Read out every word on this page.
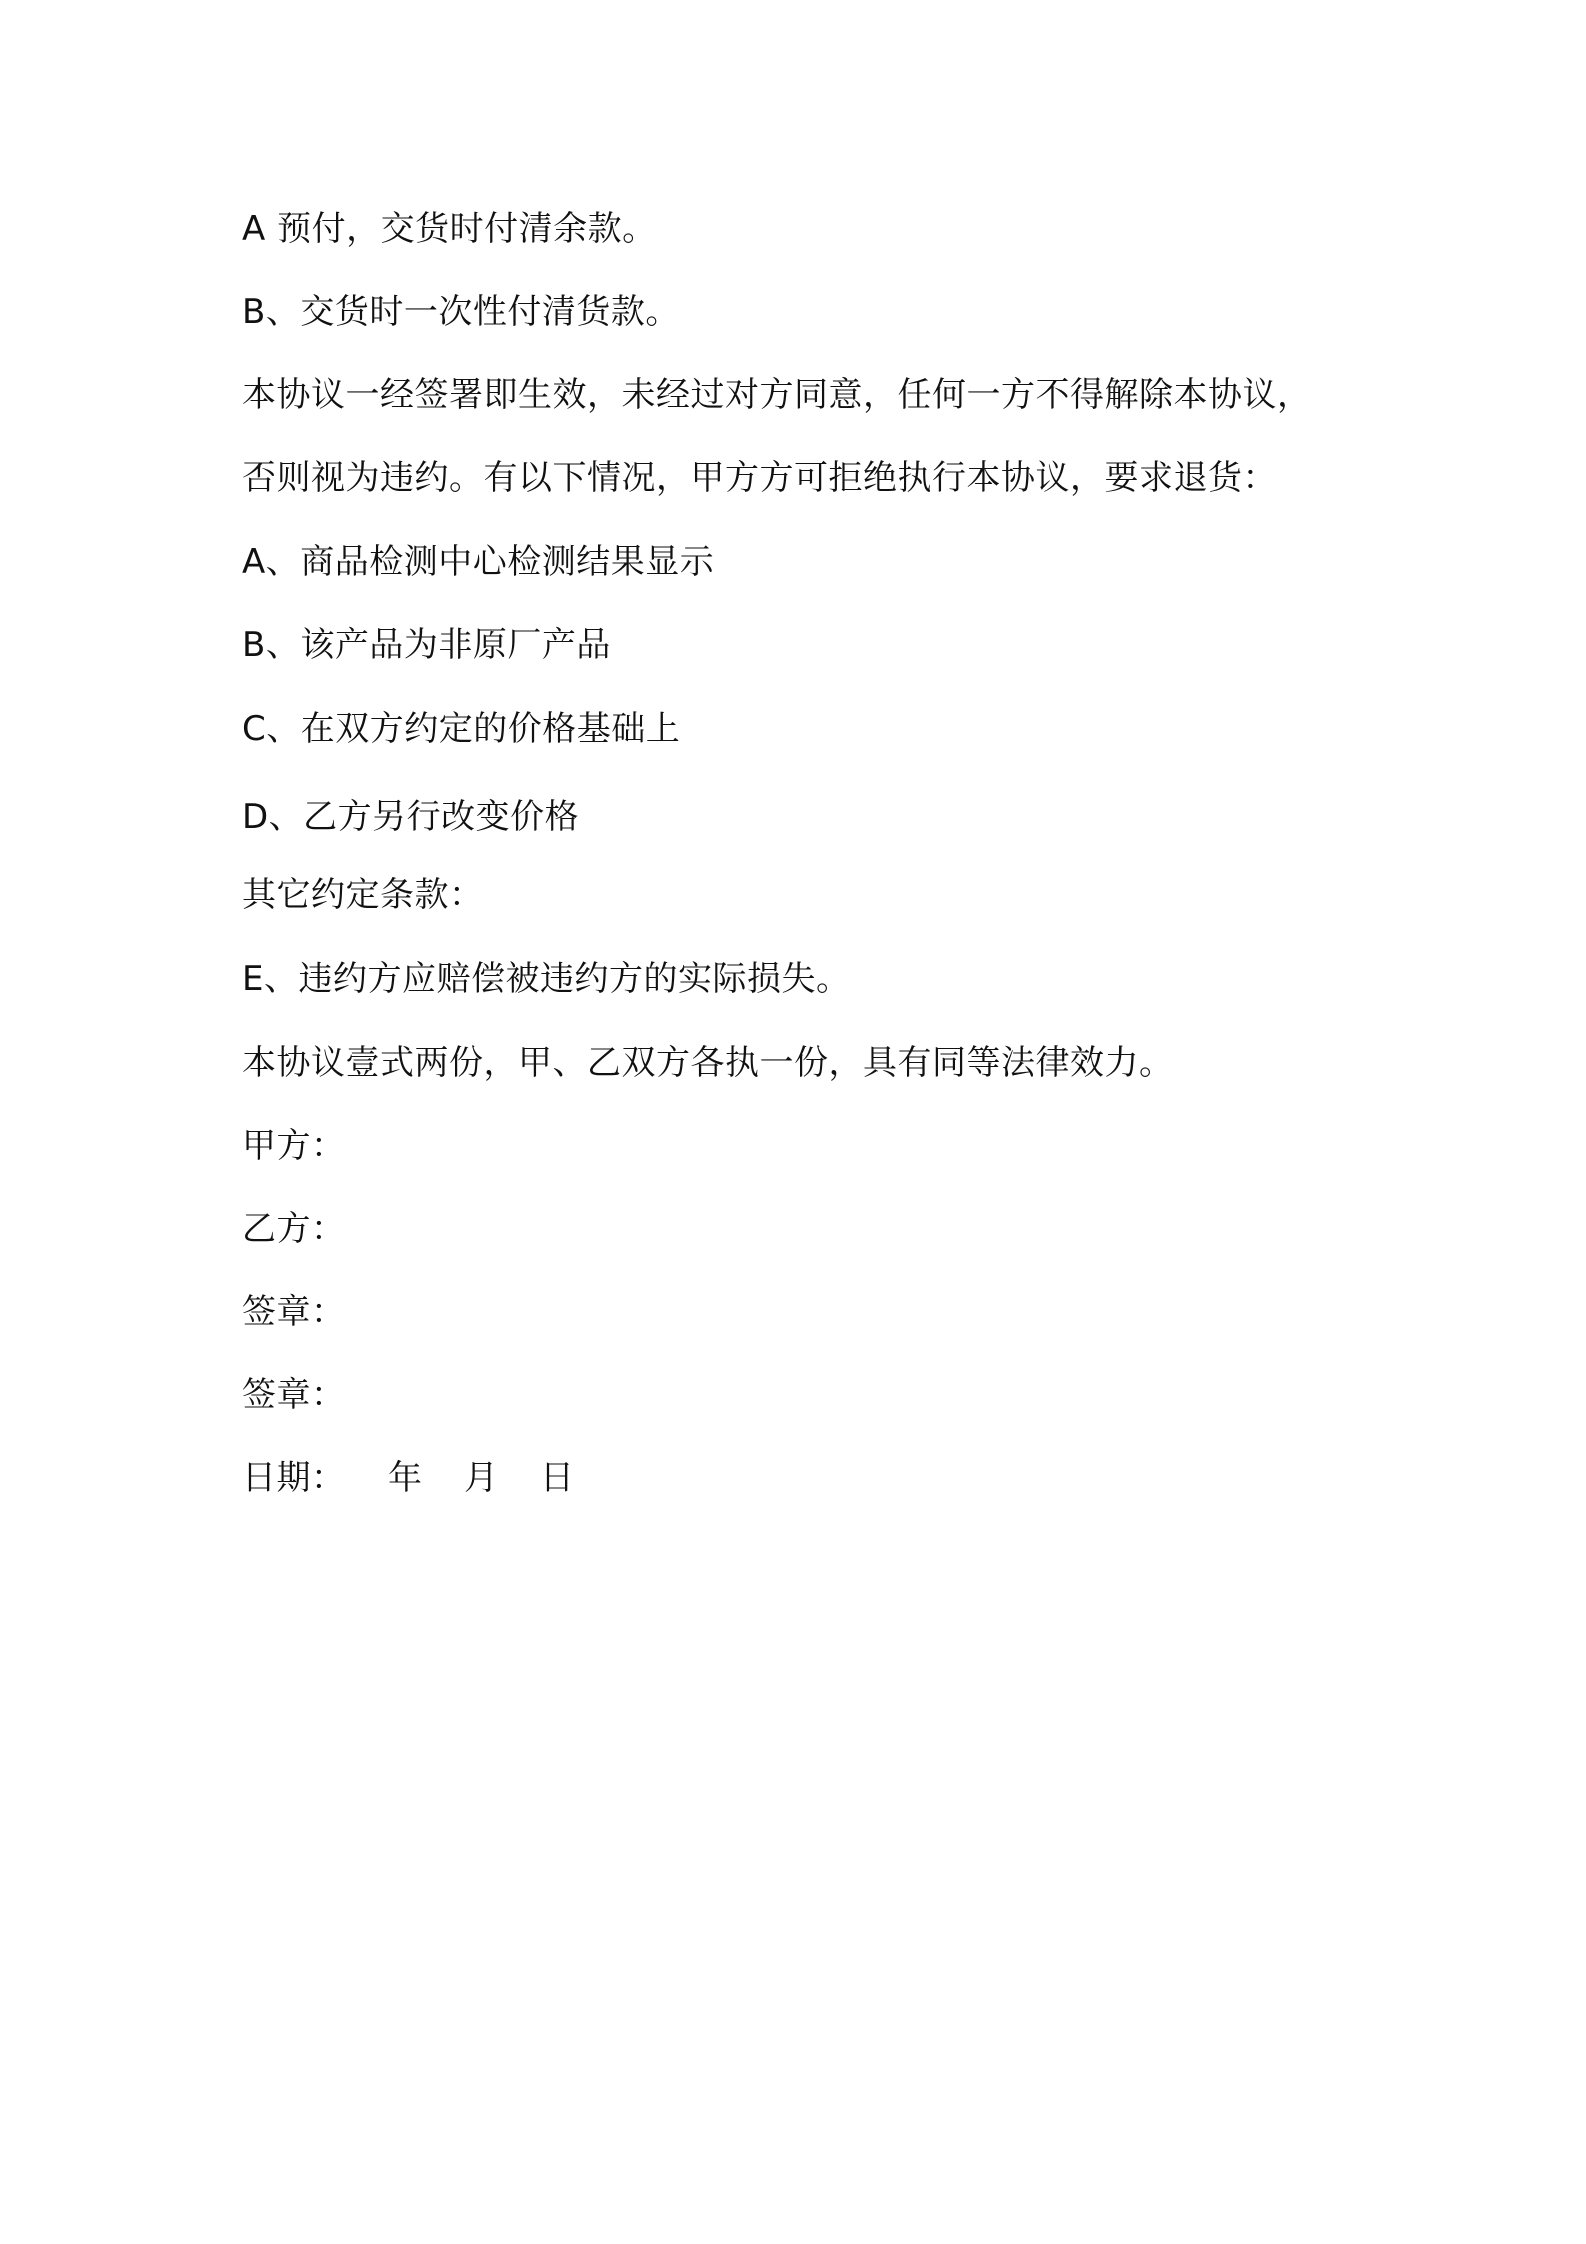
A 预付，交货时付清余款。
B、交货时一次性付清货款。
本协议一经签署即生效，未经过对方同意，任何一方不得解除本协议，
否则视为违约。有以下情况，甲方方可拒绝执行本协议，要求退货：
A、商品检测中心检测结果显示
B、该产品为非原厂产品
C、在双方约定的价格基础上
D、乙方另行改变价格
其它约定条款：
E、违约方应赔偿被违约方的实际损失。
本协议壹式两份，甲、乙双方各执一份，具有同等法律效力。
甲方：
乙方：
签章：
签章：
日期： 年 月 日
